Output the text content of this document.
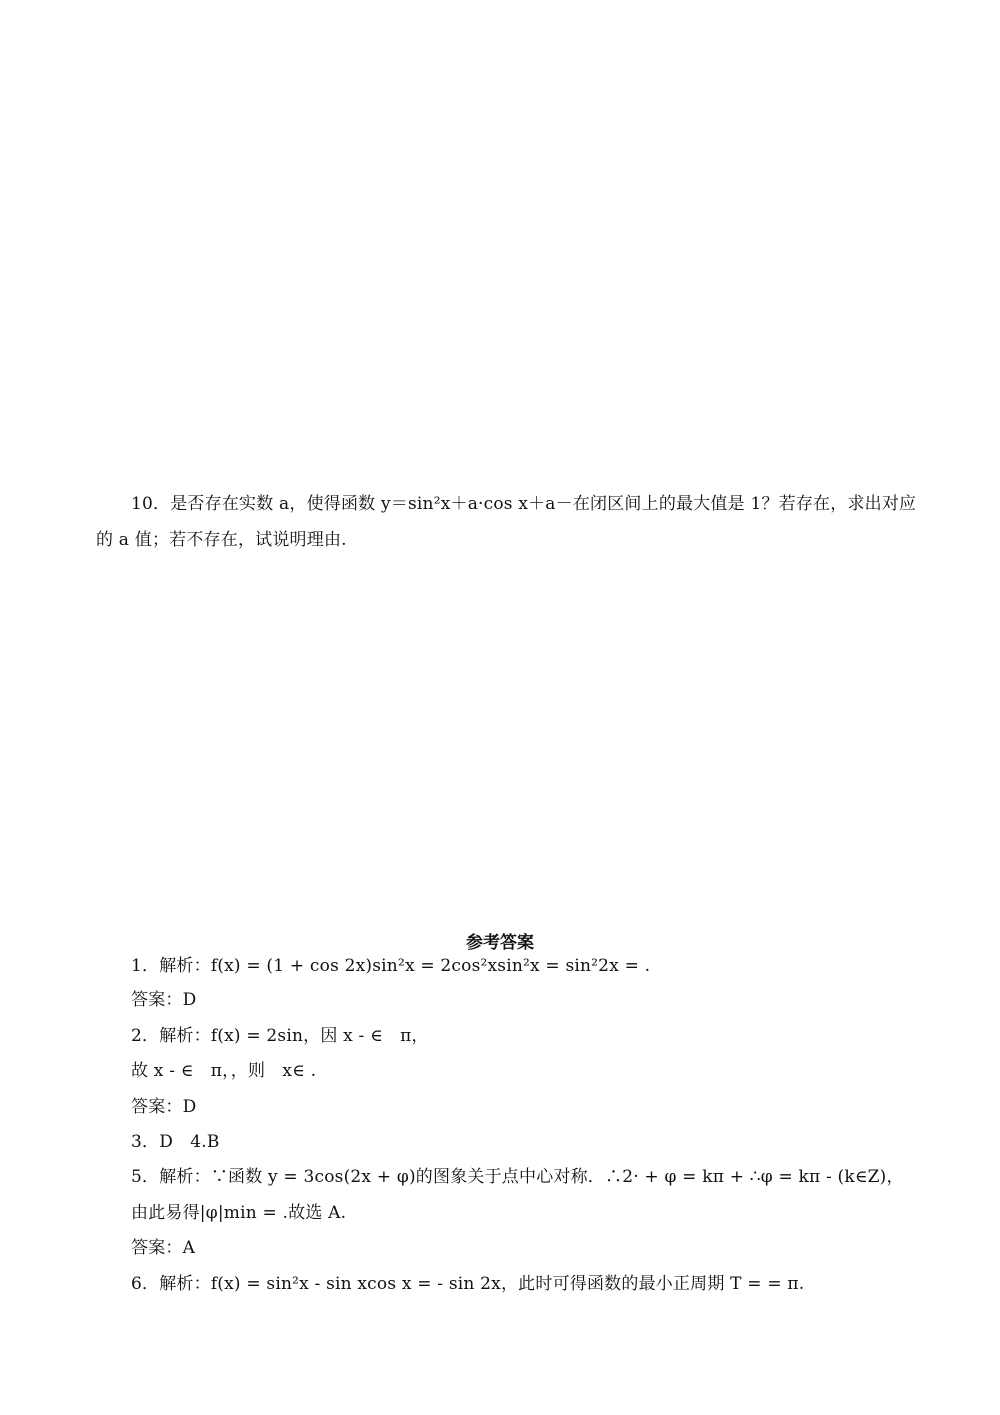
10．是否存在实数 a，使得函数 y＝sin²x＋a·cos x＋a－在闭区间上的最大值是 1？若存在，求出对应
的 a 值；若不存在，试说明理由.
参考答案
1．解析：f(x) = (1 + cos 2x)sin²x = 2cos²xsin²x = sin²2x = .
答案：D
2．解析：f(x) = 2sin，因 x - ∈　π，
故 x - ∈　π，，则　x∈ .
答案：D
3．D　4.B
5．解析：∵函数 y = 3cos(2x + φ)的图象关于点中心对称．∴2· + φ = kπ + ∴φ = kπ - (k∈Z)，
由此易得|φ|min = .故选 A.
答案：A
6．解析：f(x) = sin²x - sin xcos x = - sin 2x，此时可得函数的最小正周期 T = = π.
